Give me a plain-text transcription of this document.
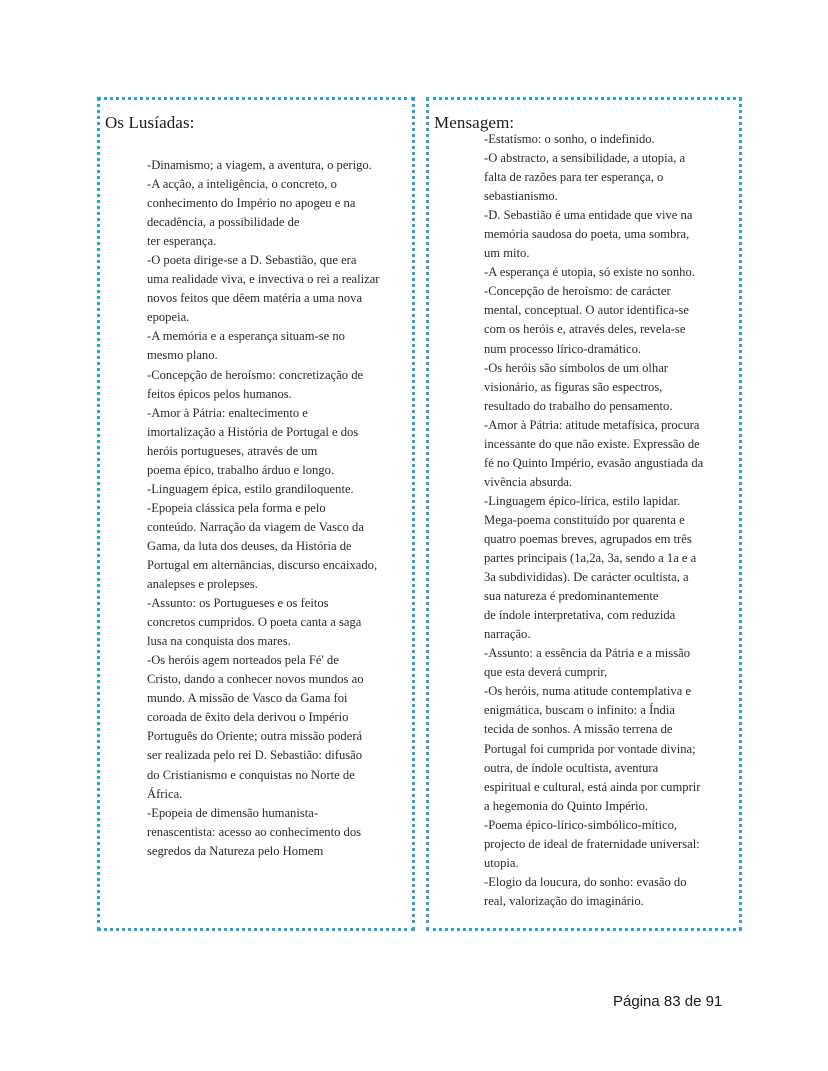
Os Lusíadas:
-Dinamismo; a viagem, a aventura, o perigo.
-A acção, a inteligência, o concreto, o
conhecimento do Império no apogeu e na
decadência, a possibilidade de
ter esperança.
-O poeta dirige-se a D. Sebastião, que era
uma realidade viva, e invectiva o rei a realizar
novos feitos que dêem matéria a uma nova
epopeia.
-A memória e a esperança situam-se no
mesmo plano.
-Concepção de heroísmo: concretização de
feitos épicos pelos humanos.
-Amor à Pátria: enaltecimento e
imortalização a História de Portugal e dos
heróis portugueses, através de um
poema épico, trabalho árduo e longo.
-Linguagem épica, estilo grandiloquente.
-Epopeia clássica pela forma e pelo
conteúdo. Narração da viagem de Vasco da
Gama, da luta dos deuses, da História de
Portugal em alternâncias, discurso encaixado,
analepses e prolepses.
-Assunto: os Portugueses e os feitos
concretos cumpridos. O poeta canta a saga
lusa na conquista dos mares.
-Os heróis agem norteados pela Fé' de
Cristo, dando a conhecer novos mundos ao
mundo. A missão de Vasco da Gama foi
coroada de êxito dela derivou o Império
Português do Oriente; outra missão poderá
ser realizada pelo rei D. Sebastião: difusão
do Cristianismo e conquistas no Norte de
África.
-Epopeia de dimensão humanista-
renascentista: acesso ao conhecimento dos
segredos da Natureza pelo Homem
Mensagem:
-Estatísmo: o sonho, o indefinido.
-O abstracto, a sensibilidade, a utopia, a
falta de razões para ter esperança, o
sebastianismo.
-D. Sebastião é uma entidade que vive na
memória saudosa do poeta, uma sombra,
um mito.
-A esperança é utopia, só existe no sonho.
-Concepção de heroísmo: de carácter
mental, conceptual. O autor identifica-se
com os heróis e, através deles, revela-se
num processo lírico-dramático.
-Os heróis são símbolos de um olhar
visionário, as figuras são espectros,
resultado do trabalho do pensamento.
-Amor à Pátria: atitude metafísica, procura
incessante do que não existe. Expressão de
fé no Quinto Império, evasão angustiada da
vivência absurda.
-Linguagem épico-lírica, estilo lapidar.
Mega-poema constituído por quarenta e
quatro poemas breves, agrupados em três
partes principais (1a,2a, 3a, sendo a 1a e a
3a subdivididas). De carácter ocultista, a
sua natureza é predominantemente
de índole interpretativa, com reduzida
narração.
-Assunto: a essência da Pátria e a missão
que esta deverá cumprir,
-Os heróis, numa atitude contemplativa e
enigmática, buscam o infinito: a Índia
tecida de sonhos. A missão terrena de
Portugal foi cumprida por vontade divina;
outra, de índole ocultista, aventura
espiritual e cultural, está ainda por cumprir
a hegemonia do Quinto Império.
-Poema épico-lírico-simbólico-mítico,
projecto de ideal de fraternidade universal:
utopia.
-Elogio da loucura, do sonho: evasão do
real, valorização do imaginário.
Página 83 de 91
